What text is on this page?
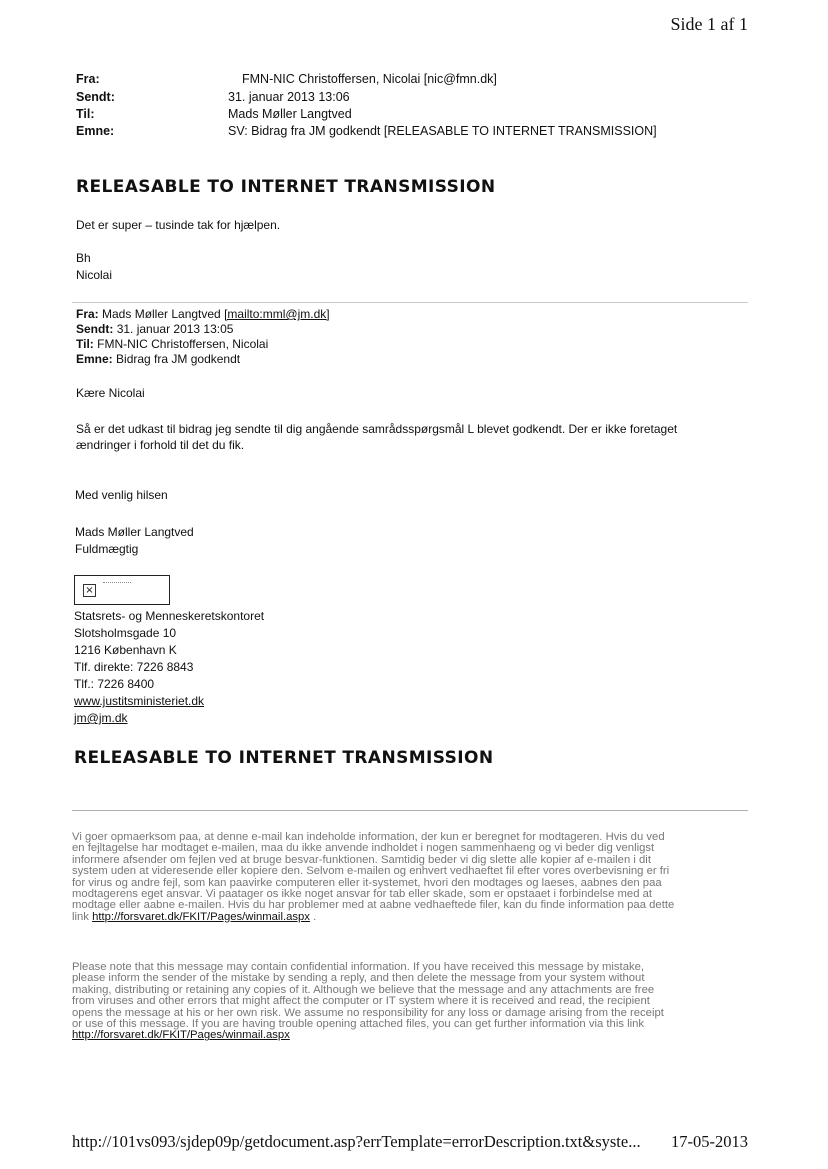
Side 1 af 1
Fra:	FMN-NIC Christoffersen, Nicolai [nic@fmn.dk]
Sendt:	31. januar 2013 13:06
Til:	Mads Møller Langtved
Emne:	SV: Bidrag fra JM godkendt [RELEASABLE TO INTERNET TRANSMISSION]
RELEASABLE TO INTERNET TRANSMISSION
Det er super – tusinde tak for hjælpen.
Bh
Nicolai
Fra: Mads Møller Langtved [mailto:mml@jm.dk]
Sendt: 31. januar 2013 13:05
Til: FMN-NIC Christoffersen, Nicolai
Emne: Bidrag fra JM godkendt
Kære Nicolai
Så er det udkast til bidrag jeg sendte til dig angående samrådsspørgsmål L blevet godkendt. Der er ikke foretaget
ændringer i forhold til det du fik.
Med venlig hilsen
Mads Møller Langtved
Fuldmægtig
×
Statsrets- og Menneskeretskontoret
Slotsholmsgade 10
1216 København K
Tlf. direkte: 7226 8843
Tlf.: 7226 8400
www.justitsministeriet.dk
jm@jm.dk
RELEASABLE TO INTERNET TRANSMISSION
Vi goer opmaerksom paa, at denne e-mail kan indeholde information, der kun er beregnet for modtageren. Hvis du ved
en fejltagelse har modtaget e-mailen, maa du ikke anvende indholdet i nogen sammenhaeng og vi beder dig venligst
informere afsender om fejlen ved at bruge besvar-funktionen. Samtidig beder vi dig slette alle kopier af e-mailen i dit
system uden at videresende eller kopiere den. Selvom e-mailen og enhvert vedhaeftet fil efter vores overbevisning er fri
for virus og andre fejl, som kan paavirke computeren eller it-systemet, hvori den modtages og laeses, aabnes den paa
modtagerens eget ansvar. Vi paatager os ikke noget ansvar for tab eller skade, som er opstaaet i forbindelse med at
modtage eller aabne e-mailen. Hvis du har problemer med at aabne vedhaeftede filer, kan du finde information paa dette
link http://forsvaret.dk/FKIT/Pages/winmail.aspx .
Please note that this message may contain confidential information. If you have received this message by mistake,
please inform the sender of the mistake by sending a reply, and then delete the message from your system without
making, distributing or retaining any copies of it. Although we believe that the message and any attachments are free
from viruses and other errors that might affect the computer or IT system where it is received and read, the recipient
opens the message at his or her own risk. We assume no responsibility for any loss or damage arising from the receipt
or use of this message. If you are having trouble opening attached files, you can get further information via this link
http://forsvaret.dk/FKIT/Pages/winmail.aspx
http://101vs093/sjdep09p/getdocument.asp?errTemplate=errorDescription.txt&syste... 17-05-2013
